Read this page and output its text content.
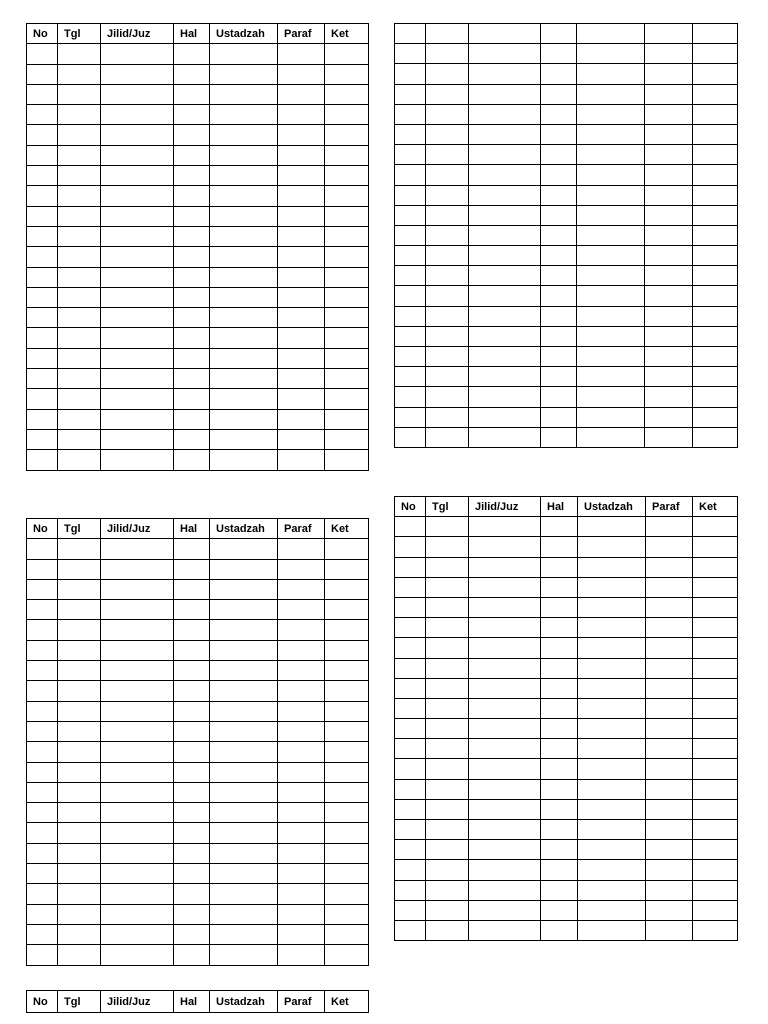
No	Tgl	Jilid/Juz	Hal	Ustadzah	Paraf	Ket

No	Tgl	Jilid/Juz	Hal	Ustadzah	Paraf	Ket

No	Tgl	Jilid/Juz	Hal	Ustadzah	Paraf	Ket

No	Tgl	Jilid/Juz	Hal	Ustadzah	Paraf	Ket
